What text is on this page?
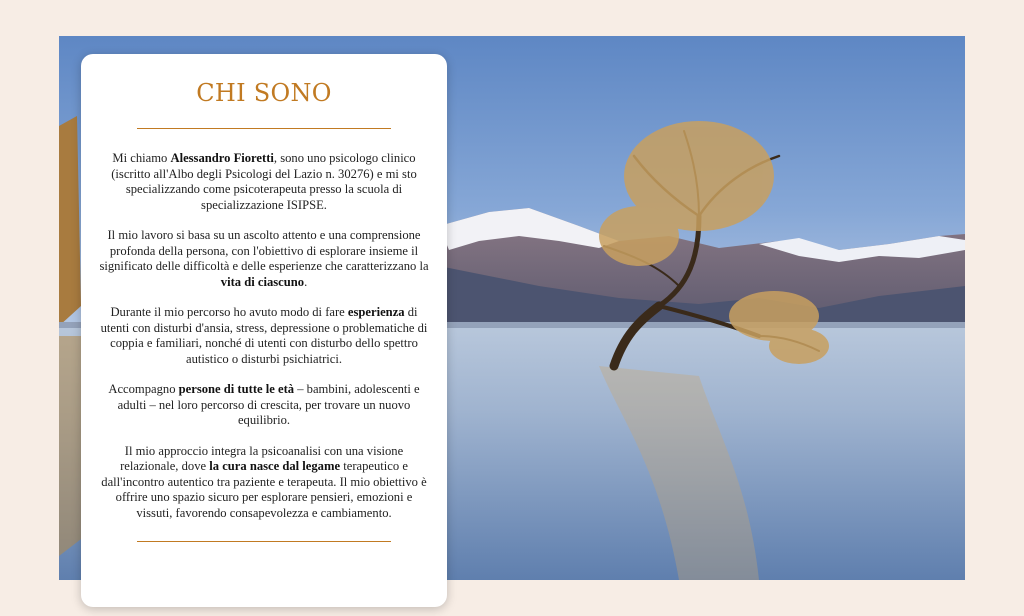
CHI SONO

Mi chiamo Alessandro Fioretti, sono uno psicologo clinico (iscritto all'Albo degli Psicologi del Lazio n. 30276) e mi sto specializzando come psicoterapeuta presso la scuola di specializzazione ISIPSE.

Il mio lavoro si basa su un ascolto attento e una comprensione profonda della persona, con l'obiettivo di esplorare insieme il significato delle difficoltà e delle esperienze che caratterizzano la vita di ciascuno.

Durante il mio percorso ho avuto modo di fare esperienza di utenti con disturbi d'ansia, stress, depressione o problematiche di coppia e familiari, nonché di utenti con disturbo dello spettro autistico o disturbi psichiatrici.

Accompagno persone di tutte le età – bambini, adolescenti e adulti – nel loro percorso di crescita, per trovare un nuovo equilibrio.

Il mio approccio integra la psicoanalisi con una visione relazionale, dove la cura nasce dal legame terapeutico e dall'incontro autentico tra paziente e terapeuta. Il mio obiettivo è offrire uno spazio sicuro per esplorare pensieri, emozioni e vissuti, favorendo consapevolezza e cambiamento.
